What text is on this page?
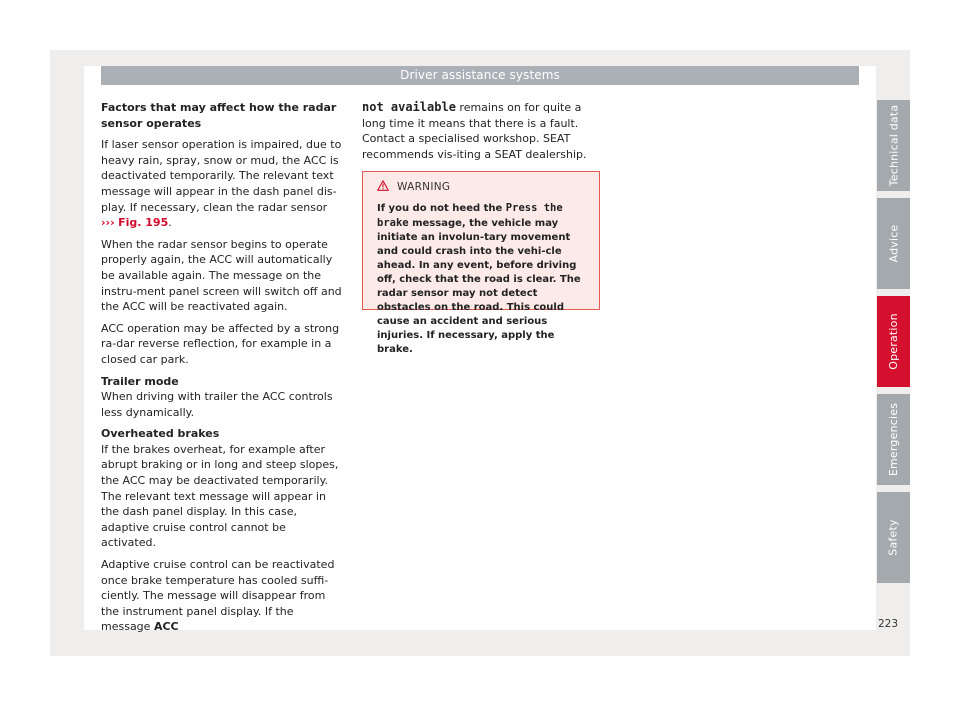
Driver assistance systems

Factors that may affect how the radar sensor operates

If laser sensor operation is impaired, due to heavy rain, spray, snow or mud, the ACC is deactivated temporarily. The relevant text message will appear in the dash panel dis-play. If necessary, clean the radar sensor ››› Fig. 195.

When the radar sensor begins to operate properly again, the ACC will automatically be available again. The message on the instru-ment panel screen will switch off and the ACC will be reactivated again.

ACC operation may be affected by a strong ra-dar reverse reflection, for example in a closed car park.

Trailer mode

When driving with trailer the ACC controls less dynamically.

Overheated brakes

If the brakes overheat, for example after abrupt braking or in long and steep slopes, the ACC may be deactivated temporarily. The relevant text message will appear in the dash panel display. In this case, adaptive cruise control cannot be activated.

Adaptive cruise control can be reactivated once brake temperature has cooled suffi-ciently. The message will disappear from the instrument panel display. If the message ACC

not available remains on for quite a long time it means that there is a fault. Contact a specialised workshop. SEAT recommends vis-iting a SEAT dealership.

WARNING
If you do not heed the Press the brake message, the vehicle may initiate an involun-tary movement and could crash into the vehi-cle ahead. In any event, before driving off, check that the road is clear. The radar sensor may not detect obstacles on the road. This could cause an accident and serious injuries. If necessary, apply the brake.
Technical data
Advice
Operation
Emergencies
Safety
223
